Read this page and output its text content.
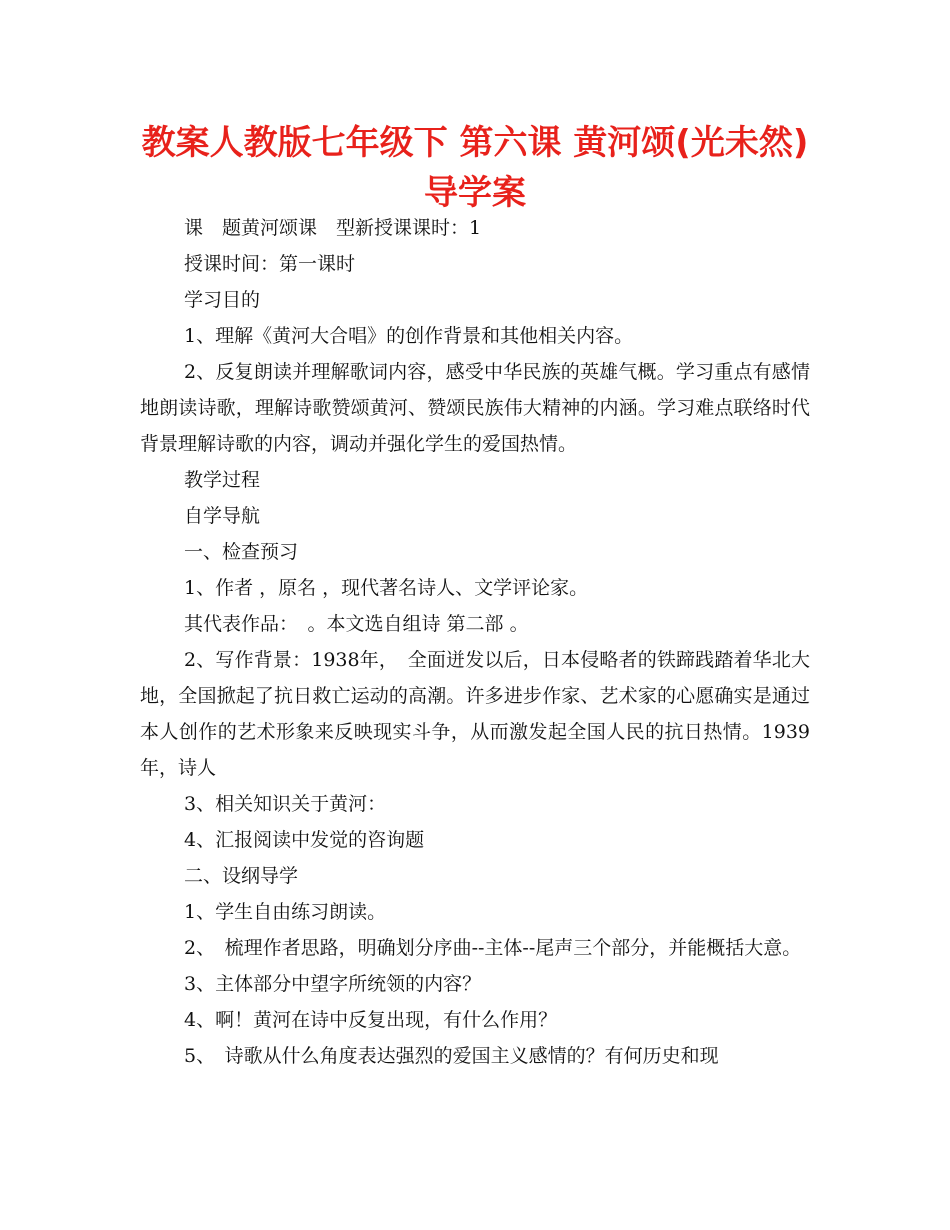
教案人教版七年级下 第六课 黄河颂(光未然)导学案

课　题黄河颂课　型新授课课时：1

授课时间：第一课时

学习目的

1、理解《黄河大合唱》的创作背景和其他相关内容。

2、反复朗读并理解歌词内容，感受中华民族的英雄气概。学习重点有感情地朗读诗歌，理解诗歌赞颂黄河、赞颂民族伟大精神的内涵。学习难点联络时代背景理解诗歌的内容，调动并强化学生的爱国热情。

教学过程

自学导航

一、检查预习

1、作者 ，原名 ，现代著名诗人、文学评论家。

其代表作品：　。本文选自组诗 第二部 。

2、写作背景：1938年，　全面迸发以后，日本侵略者的铁蹄践踏着华北大地，全国掀起了抗日救亡运动的高潮。许多进步作家、艺术家的心愿确实是通过本人创作的艺术形象来反映现实斗争，从而激发起全国人民的抗日热情。1939年，诗人

3、相关知识关于黄河：

4、汇报阅读中发觉的咨询题

二、设纲导学

1、学生自由练习朗读。

2、　梳理作者思路，明确划分序曲--主体--尾声三个部分，并能概括大意。

3、主体部分中望字所统领的内容？

4、啊！黄河在诗中反复出现，有什么作用？

5、　诗歌从什么角度表达强烈的爱国主义感情的？有何历史和现
